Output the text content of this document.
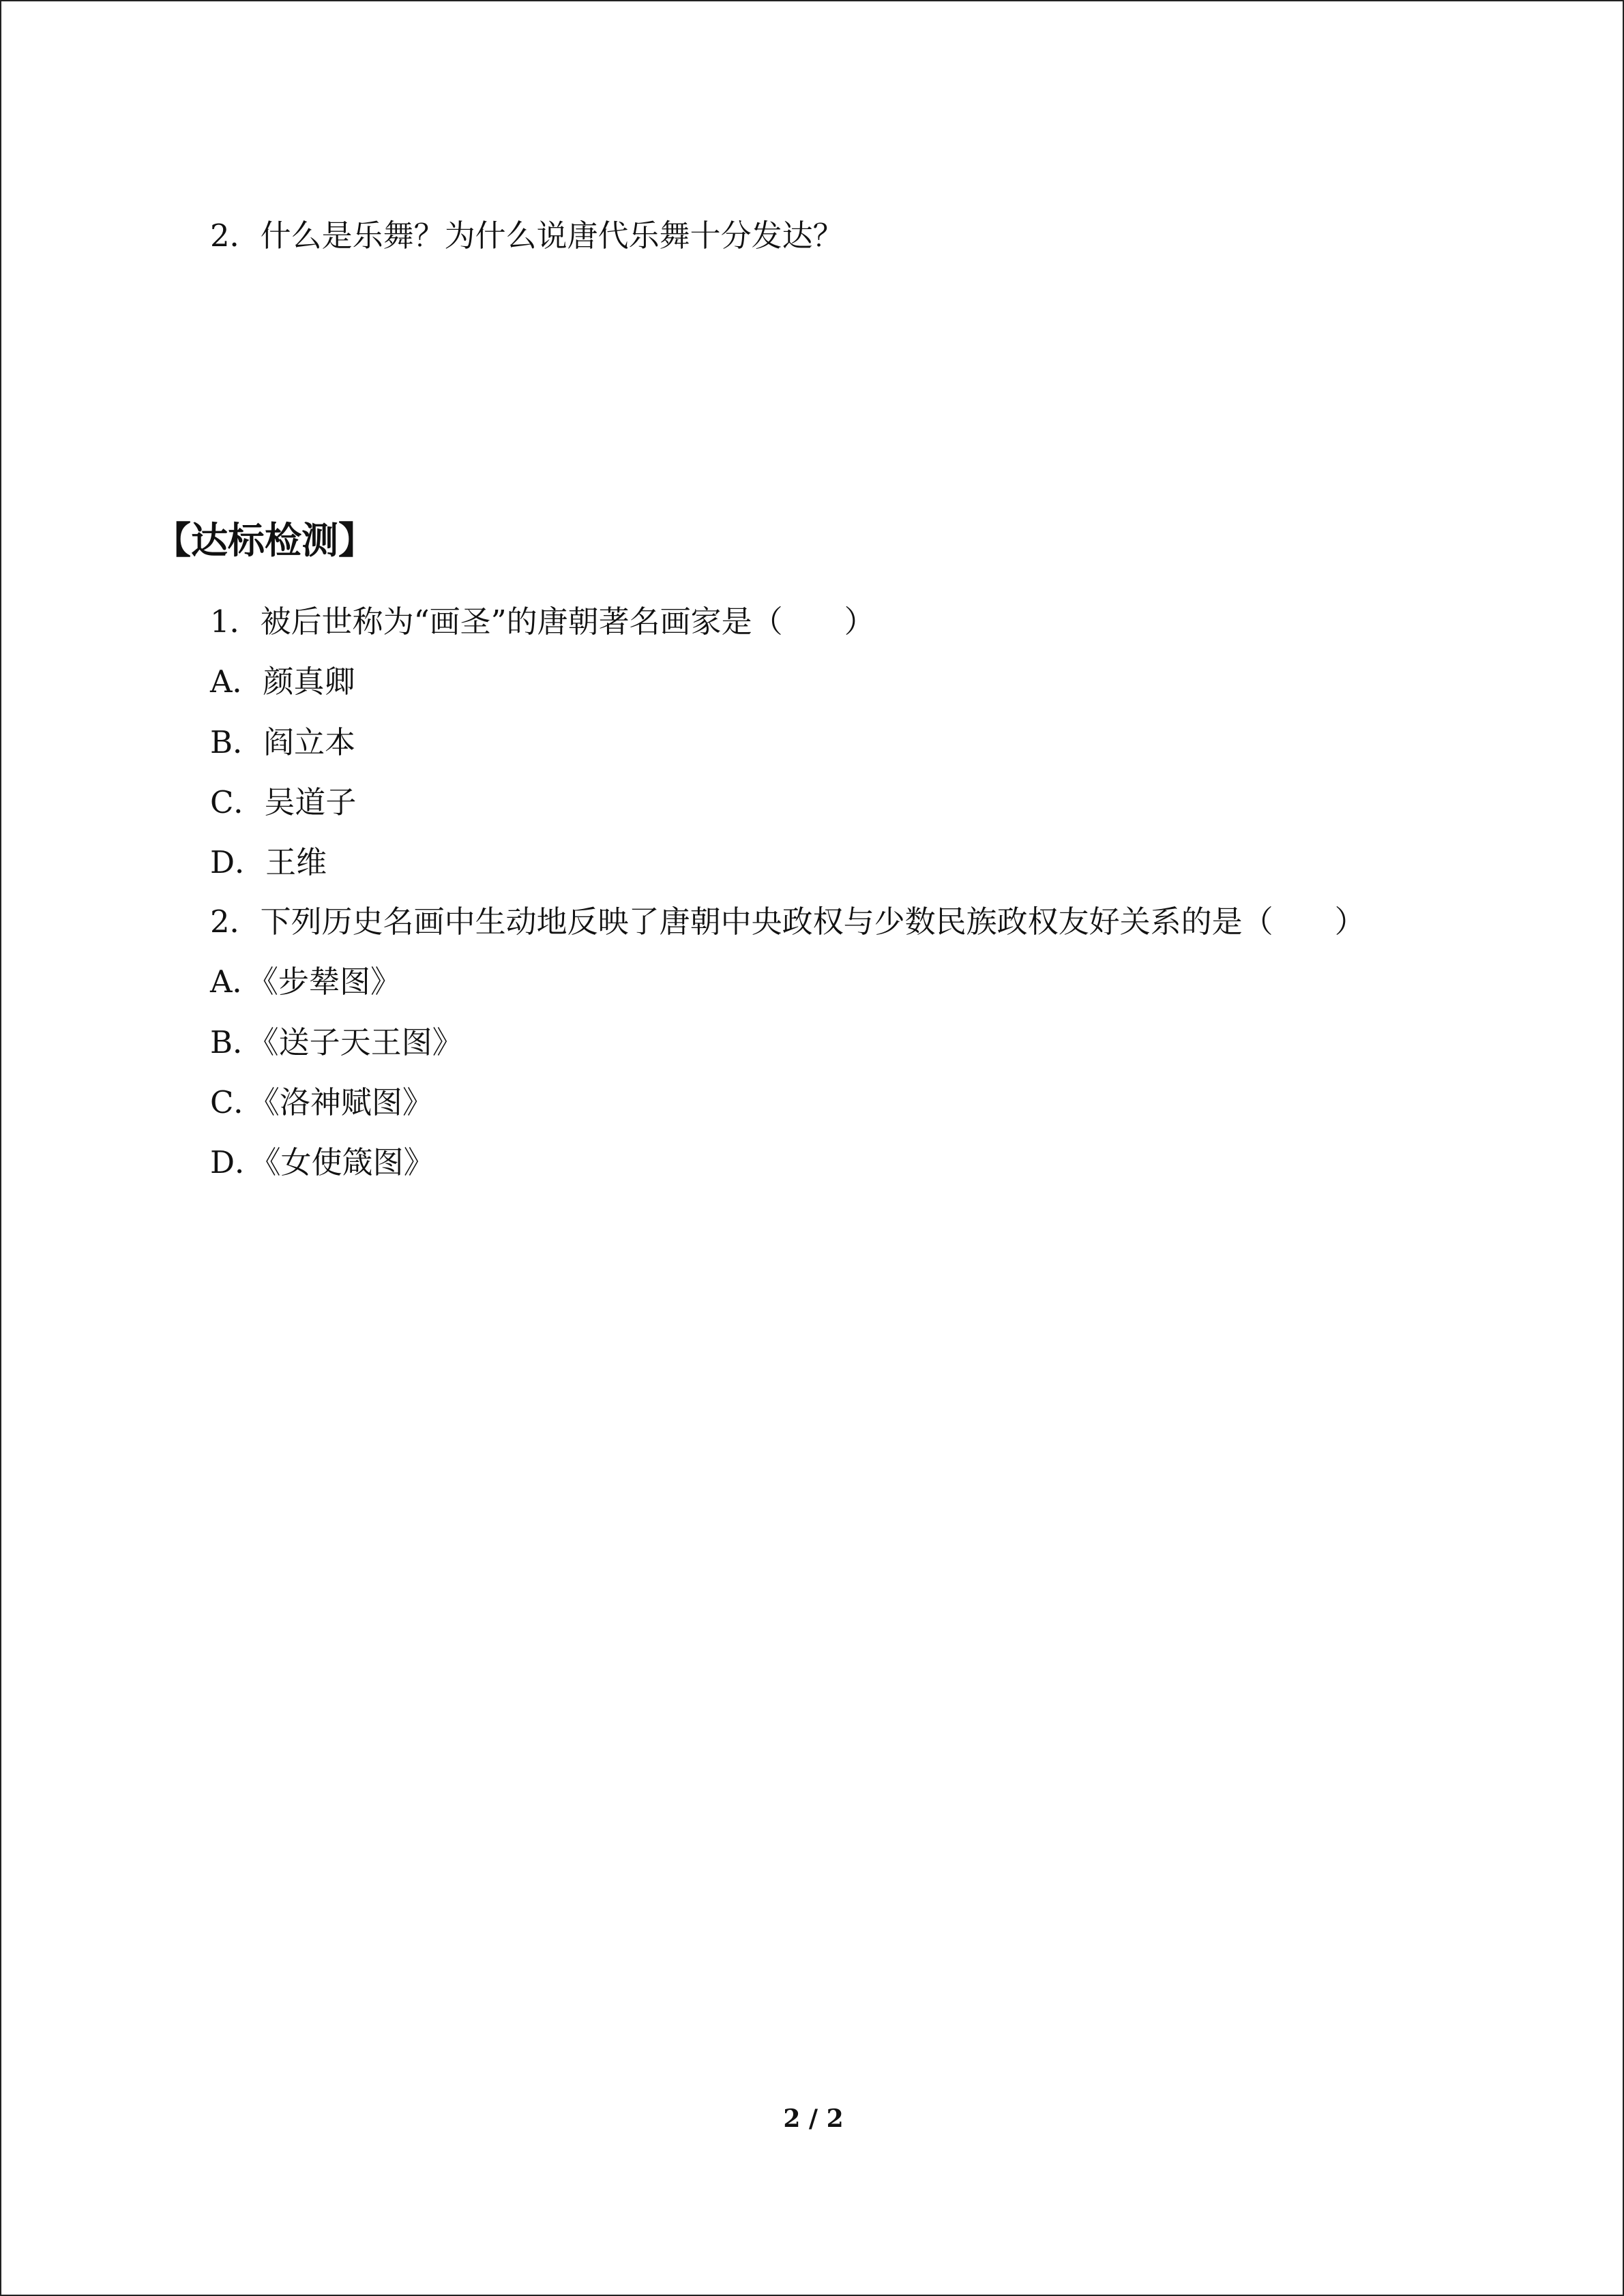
2．什么是乐舞？为什么说唐代乐舞十分发达？
【达标检测】
1．被后世称为“画圣”的唐朝著名画家是（　　）
A．颜真卿
B．阎立本
C．吴道子
D．王维
2．下列历史名画中生动地反映了唐朝中央政权与少数民族政权友好关系的是（　　）
A．《步辇图》
B．《送子天王图》
C．《洛神赋图》
D．《女使箴图》
2 / 2
